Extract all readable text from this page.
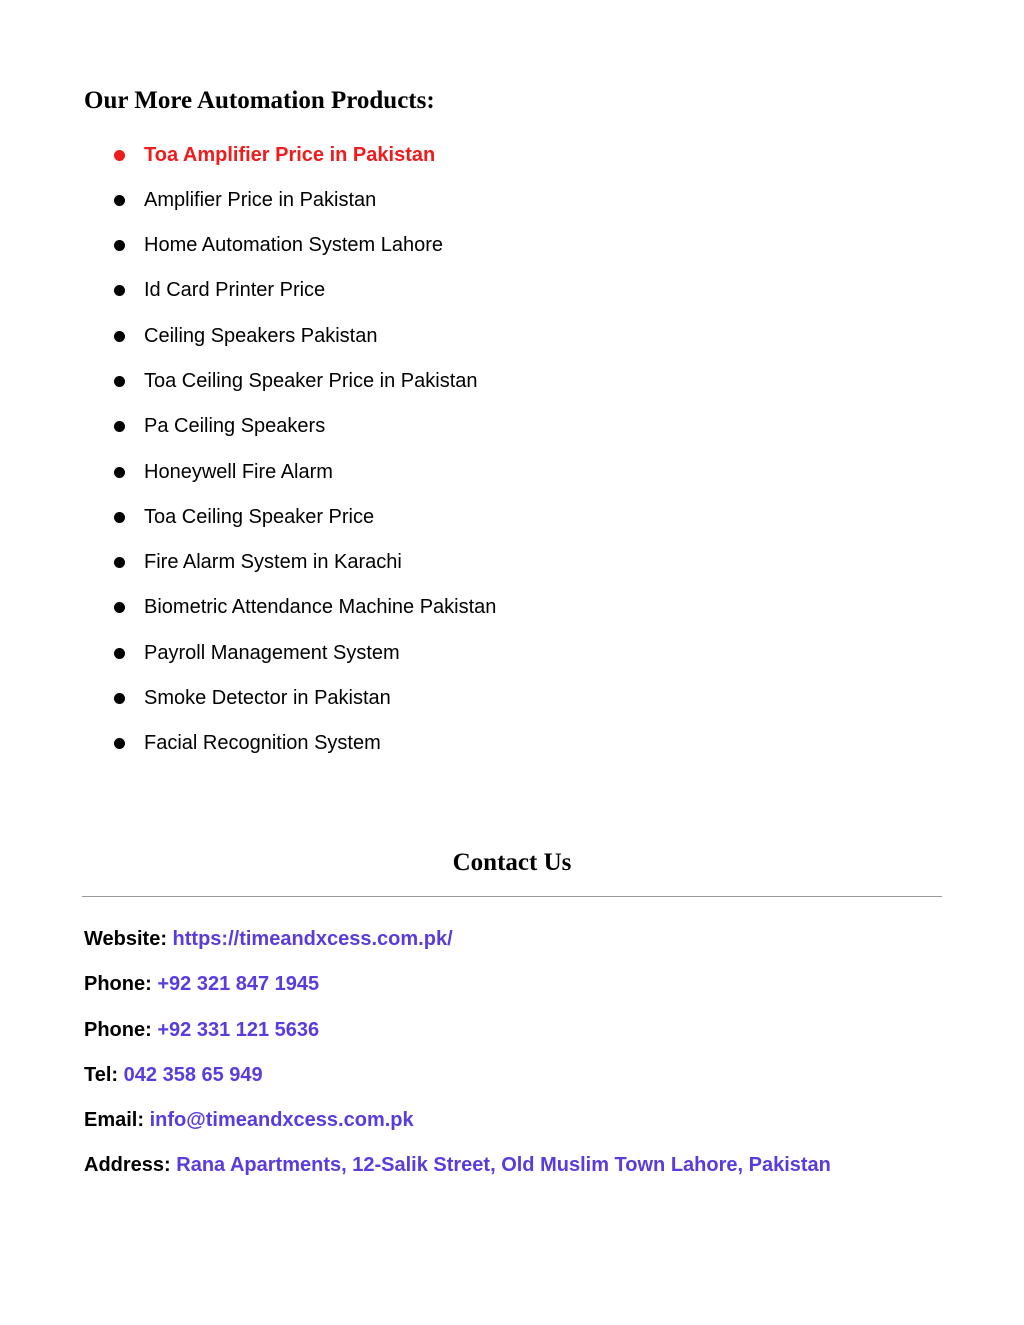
Our More Automation Products:
Toa Amplifier Price in Pakistan
Amplifier Price in Pakistan
Home Automation System Lahore
Id Card Printer Price
Ceiling Speakers Pakistan
Toa Ceiling Speaker Price in Pakistan
Pa Ceiling Speakers
Honeywell Fire Alarm
Toa Ceiling Speaker Price
Fire Alarm System in Karachi
Biometric Attendance Machine Pakistan
Payroll Management System
Smoke Detector in Pakistan
Facial Recognition System
Contact Us
Website: https://timeandxcess.com.pk/
Phone: +92 321 847 1945
Phone: +92 331 121 5636
Tel: 042 358 65 949
Email: info@timeandxcess.com.pk
Address: Rana Apartments, 12-Salik Street, Old Muslim Town Lahore, Pakistan
